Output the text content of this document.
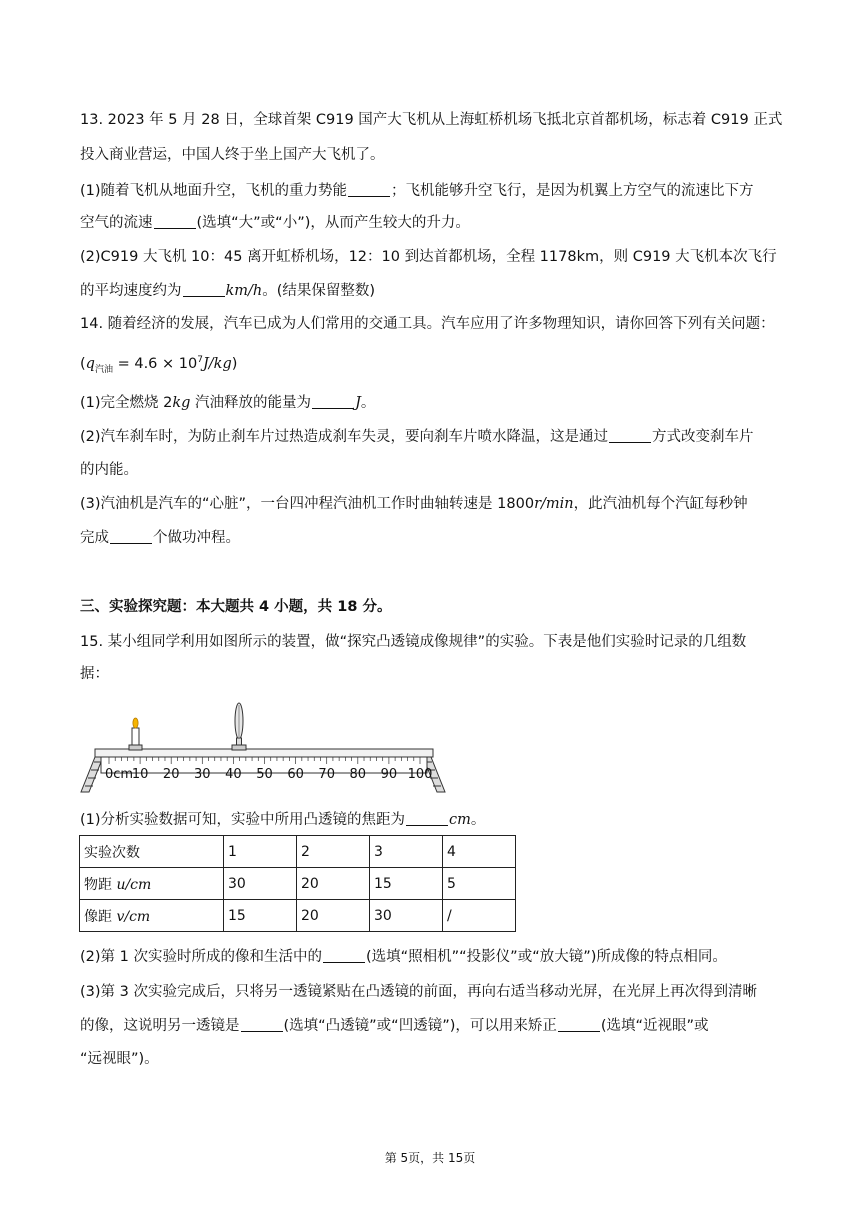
13. 2023 年 5 月 28 日，全球首架 C919 国产大飞机从上海虹桥机场飞抵北京首都机场，标志着 C919 正式
投入商业营运，中国人终于坐上国产大飞机了。
(1)随着飞机从地面升空，飞机的重力势能	；飞机能够升空飞行，是因为机翼上方空气的流速比下方
空气的流速	(选填“大”或“小”)，从而产生较大的升力。
(2)C919 大飞机 10：45 离开虹桥机场，12：10 到达首都机场，全程 1178km，则 C919 大飞机本次飞行
的平均速度约为	km/h。(结果保留整数)
14. 随着经济的发展，汽车已成为人们常用的交通工具。汽车应用了许多物理知识，请你回答下列有关问题：
$(q_{汽油} = 4.6 \times 10^7J/kg)$
(1)完全燃烧 2kg 汽油释放的能量为	J。
(2)汽车刹车时，为防止刹车片过热造成刹车失灵，要向刹车片喷水降温，这是通过	方式改变刹车片
的内能。
(3)汽油机是汽车的“心脏”，一台四冲程汽油机工作时曲轴转速是 1800r/min，此汽油机每个汽缸每秒钟
完成	个做功冲程。
三、实验探究题：本大题共 4 小题，共 18 分。
15. 某小组同学利用如图所示的装置，做“探究凸透镜成像规律”的实验。下表是他们实验时记录的几组数
据：
0cm
10 20 30 40 50 60 70 80 90 100
(1)分析实验数据可知，实验中所用凸透镜的焦距为	cm。
实验次数	1	2	3	4
物距 u/cm	30	20	15	5
像距 v/cm	15	20	30	/
(2)第 1 次实验时所成的像和生活中的	(选填“照相机”“投影仪”或“放大镜”)所成像的特点相同。
(3)第 3 次实验完成后，只将另一透镜紧贴在凸透镜的前面，再向右适当移动光屏，在光屏上再次得到清晰
的像，这说明另一透镜是	(选填“凸透镜”或“凹透镜”)，可以用来矫正	(选填“近视眼”或
“远视眼”)。
第 5页，共 15页
